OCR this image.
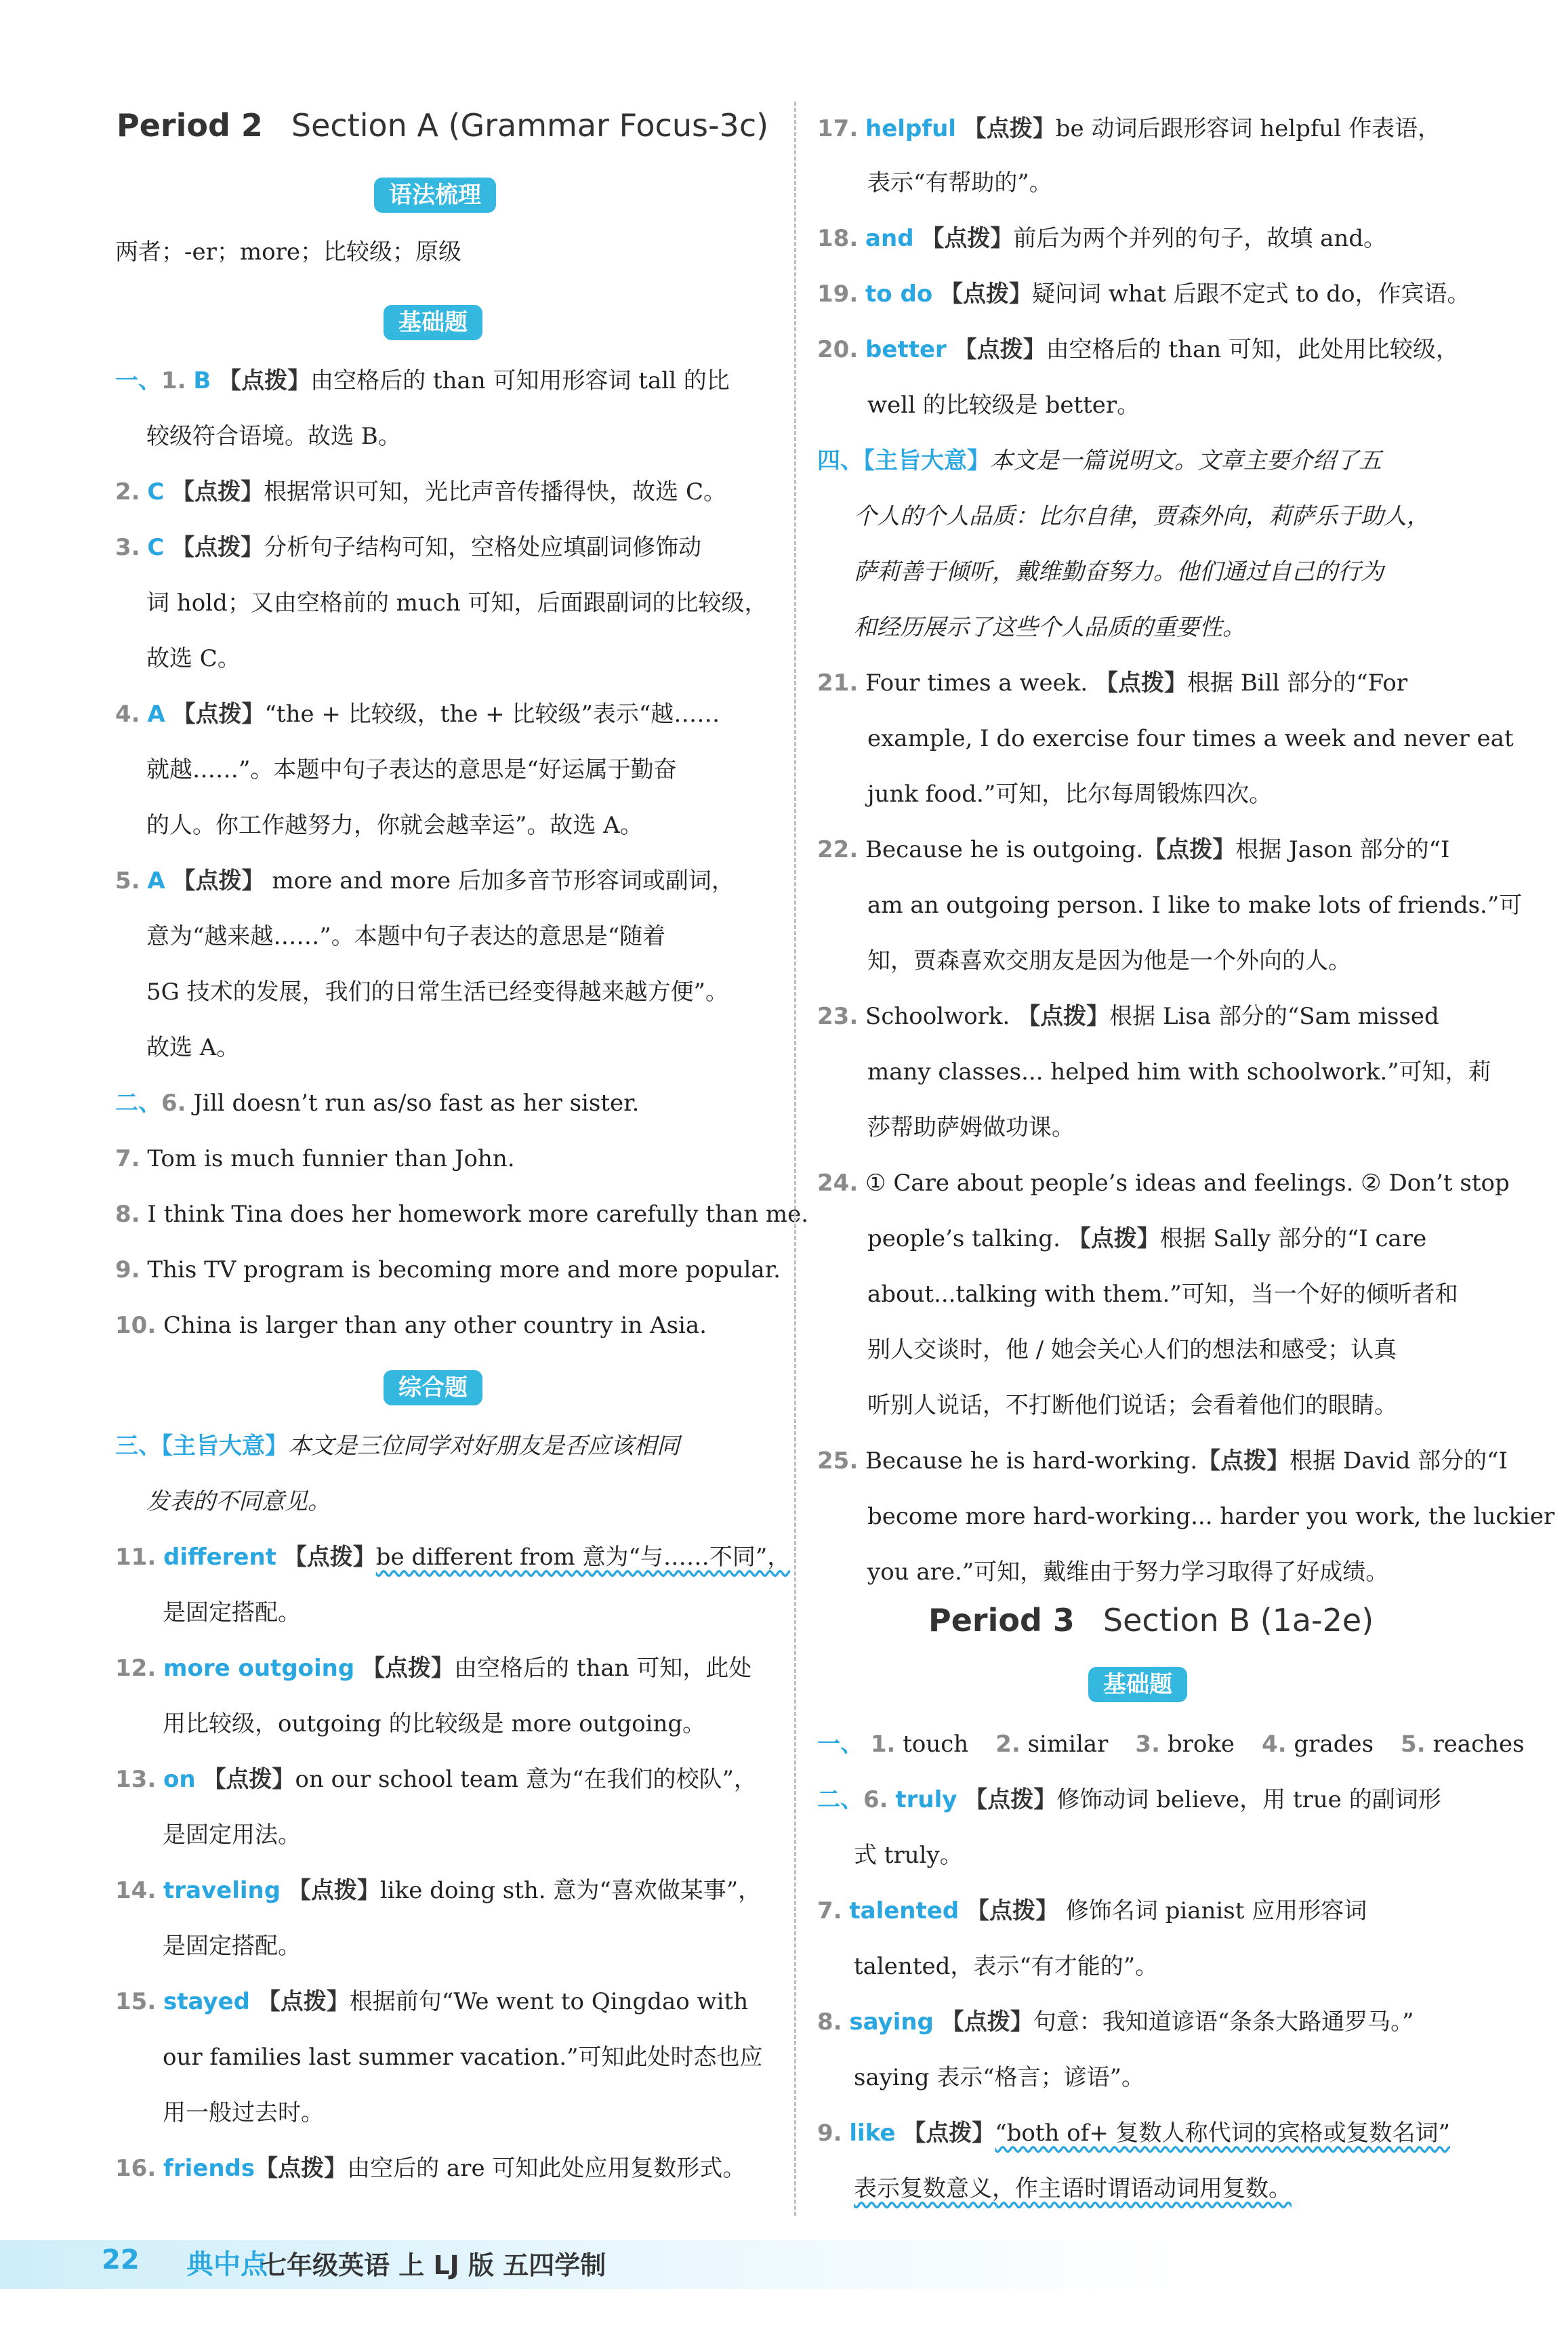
Period 2 Section A (Grammar Focus-3c)
语法梳理
两者；-er；more；比较级；原级
基础题
一、1. B 【点拨】由空格后的 than 可知用形容词 tall 的比
较级符合语境。故选 B。
2. C 【点拨】根据常识可知，光比声音传播得快，故选 C。
3. C 【点拨】分析句子结构可知，空格处应填副词修饰动
词 hold；又由空格前的 much 可知，后面跟副词的比较级，
故选 C。
4. A 【点拨】“the + 比较级，the + 比较级”表示“越……
就越……”。本题中句子表达的意思是“好运属于勤奋
的人。你工作越努力，你就会越幸运”。故选 A。
5. A 【点拨】 more and more 后加多音节形容词或副词，
意为“越来越……”。本题中句子表达的意思是“随着
5G 技术的发展，我们的日常生活已经变得越来越方便”。
故选 A。
二、6. Jill doesn’t run as/so fast as her sister.
7. Tom is much funnier than John.
8. I think Tina does her homework more carefully than me.
9. This TV program is becoming more and more popular.
10. China is larger than any other country in Asia.
综合题
三、【主旨大意】本文是三位同学对好朋友是否应该相同
发表的不同意见。
11. different 【点拨】be different from 意为“与……不同”，
是固定搭配。
12. more outgoing 【点拨】由空格后的 than 可知，此处
用比较级，outgoing 的比较级是 more outgoing。
13. on 【点拨】on our school team 意为“在我们的校队”，
是固定用法。
14. traveling 【点拨】like doing sth. 意为“喜欢做某事”，
是固定搭配。
15. stayed 【点拨】根据前句“We went to Qingdao with
our families last summer vacation.”可知此处时态也应
用一般过去时。
16. friends【点拨】由空后的 are 可知此处应用复数形式。
17. helpful 【点拨】be 动词后跟形容词 helpful 作表语，
表示“有帮助的”。
18. and 【点拨】前后为两个并列的句子，故填 and。
19. to do 【点拨】疑问词 what 后跟不定式 to do，作宾语。
20. better 【点拨】由空格后的 than 可知，此处用比较级，
well 的比较级是 better。
四、【主旨大意】本文是一篇说明文。文章主要介绍了五
个人的个人品质：比尔自律，贾森外向，莉萨乐于助人，
萨莉善于倾听，戴维勤奋努力。他们通过自己的行为
和经历展示了这些个人品质的重要性。
21. Four times a week. 【点拨】根据 Bill 部分的“For
example, I do exercise four times a week and never eat
junk food.”可知，比尔每周锻炼四次。
22. Because he is outgoing.【点拨】根据 Jason 部分的“I
am an outgoing person. I like to make lots of friends.”可
知，贾森喜欢交朋友是因为他是一个外向的人。
23. Schoolwork. 【点拨】根据 Lisa 部分的“Sam missed
many classes... helped him with schoolwork.”可知，莉
莎帮助萨姆做功课。
24. ① Care about people’s ideas and feelings. ② Don’t stop
people’s talking. 【点拨】根据 Sally 部分的“I care
about...talking with them.”可知，当一个好的倾听者和
别人交谈时，他 / 她会关心人们的想法和感受；认真
听别人说话，不打断他们说话；会看着他们的眼睛。
25. Because he is hard-working.【点拨】根据 David 部分的“I
become more hard-working... harder you work, the luckier
you are.”可知，戴维由于努力学习取得了好成绩。
Period 3 Section B (1a-2e)
基础题
一、 1. touch 2. similar 3. broke 4. grades 5. reaches
二、6. truly 【点拨】修饰动词 believe，用 true 的副词形
式 truly。
7. talented 【点拨】 修饰名词 pianist 应用形容词
talented，表示“有才能的”。
8. saying 【点拨】句意：我知道谚语“条条大路通罗马。”
saying 表示“格言；谚语”。
9. like 【点拨】“both of+ 复数人称代词的宾格或复数名词”
表示复数意义，作主语时谓语动词用复数。
22 典中点
七年级英语 上 LJ 版 五四学制
